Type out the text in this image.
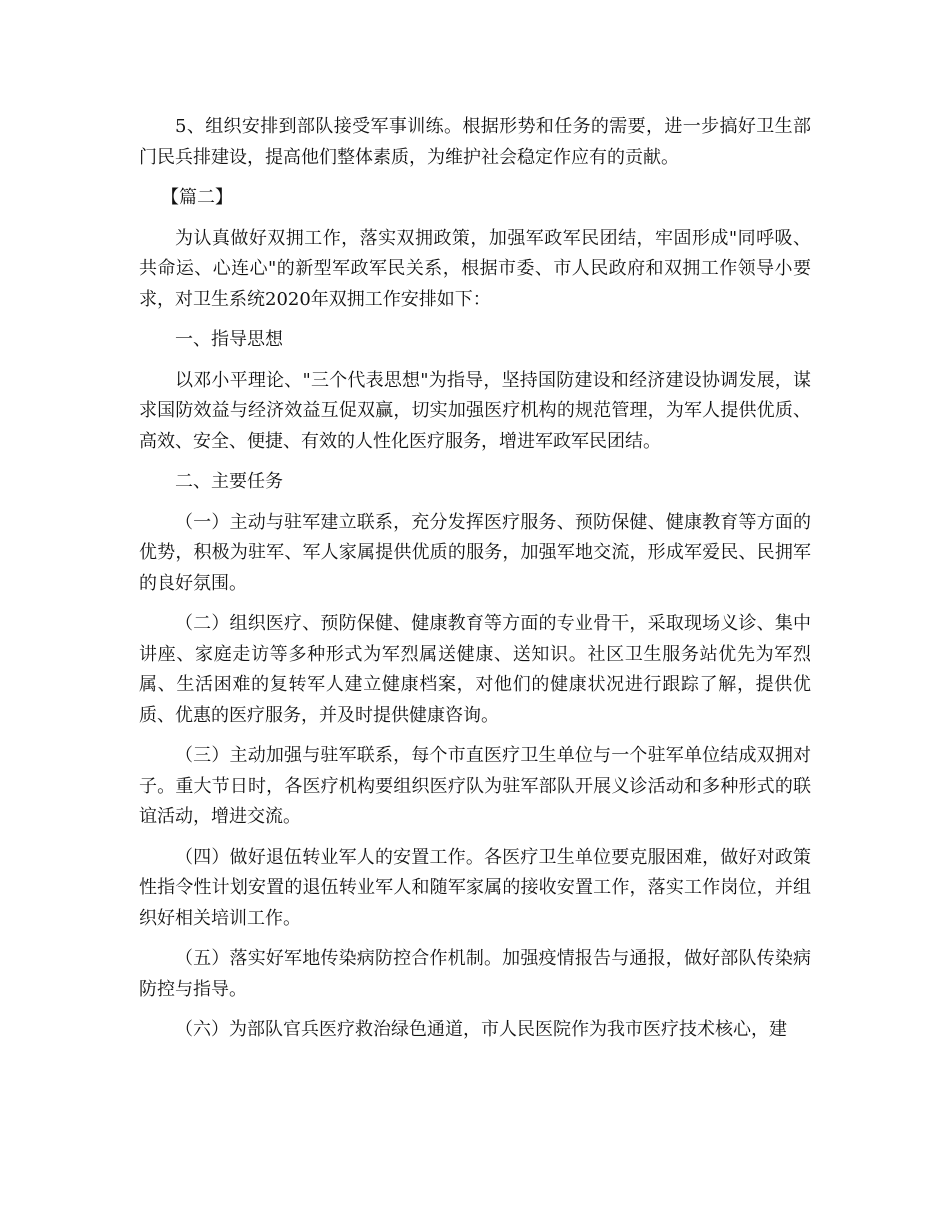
5、组织安排到部队接受军事训练。根据形势和任务的需要，进一步搞好卫生部门民兵排建设，提高他们整体素质，为维护社会稳定作应有的贡献。

【篇二】

为认真做好双拥工作，落实双拥政策，加强军政军民团结，牢固形成"同呼吸、共命运、心连心"的新型军政军民关系，根据市委、市人民政府和双拥工作领导小要求，对卫生系统2020年双拥工作安排如下：

一、指导思想

以邓小平理论、"三个代表思想"为指导，坚持国防建设和经济建设协调发展，谋求国防效益与经济效益互促双赢，切实加强医疗机构的规范管理，为军人提供优质、高效、安全、便捷、有效的人性化医疗服务，增进军政军民团结。

二、主要任务

（一）主动与驻军建立联系，充分发挥医疗服务、预防保健、健康教育等方面的优势，积极为驻军、军人家属提供优质的服务，加强军地交流，形成军爱民、民拥军的良好氛围。

（二）组织医疗、预防保健、健康教育等方面的专业骨干，采取现场义诊、集中讲座、家庭走访等多种形式为军烈属送健康、送知识。社区卫生服务站优先为军烈属、生活困难的复转军人建立健康档案，对他们的健康状况进行跟踪了解，提供优质、优惠的医疗服务，并及时提供健康咨询。

（三）主动加强与驻军联系，每个市直医疗卫生单位与一个驻军单位结成双拥对子。重大节日时，各医疗机构要组织医疗队为驻军部队开展义诊活动和多种形式的联谊活动，增进交流。

（四）做好退伍转业军人的安置工作。各医疗卫生单位要克服困难，做好对政策性指令性计划安置的退伍转业军人和随军家属的接收安置工作，落实工作岗位，并组织好相关培训工作。

（五）落实好军地传染病防控合作机制。加强疫情报告与通报，做好部队传染病防控与指导。

（六）为部队官兵医疗救治绿色通道，市人民医院作为我市医疗技术核心，建
